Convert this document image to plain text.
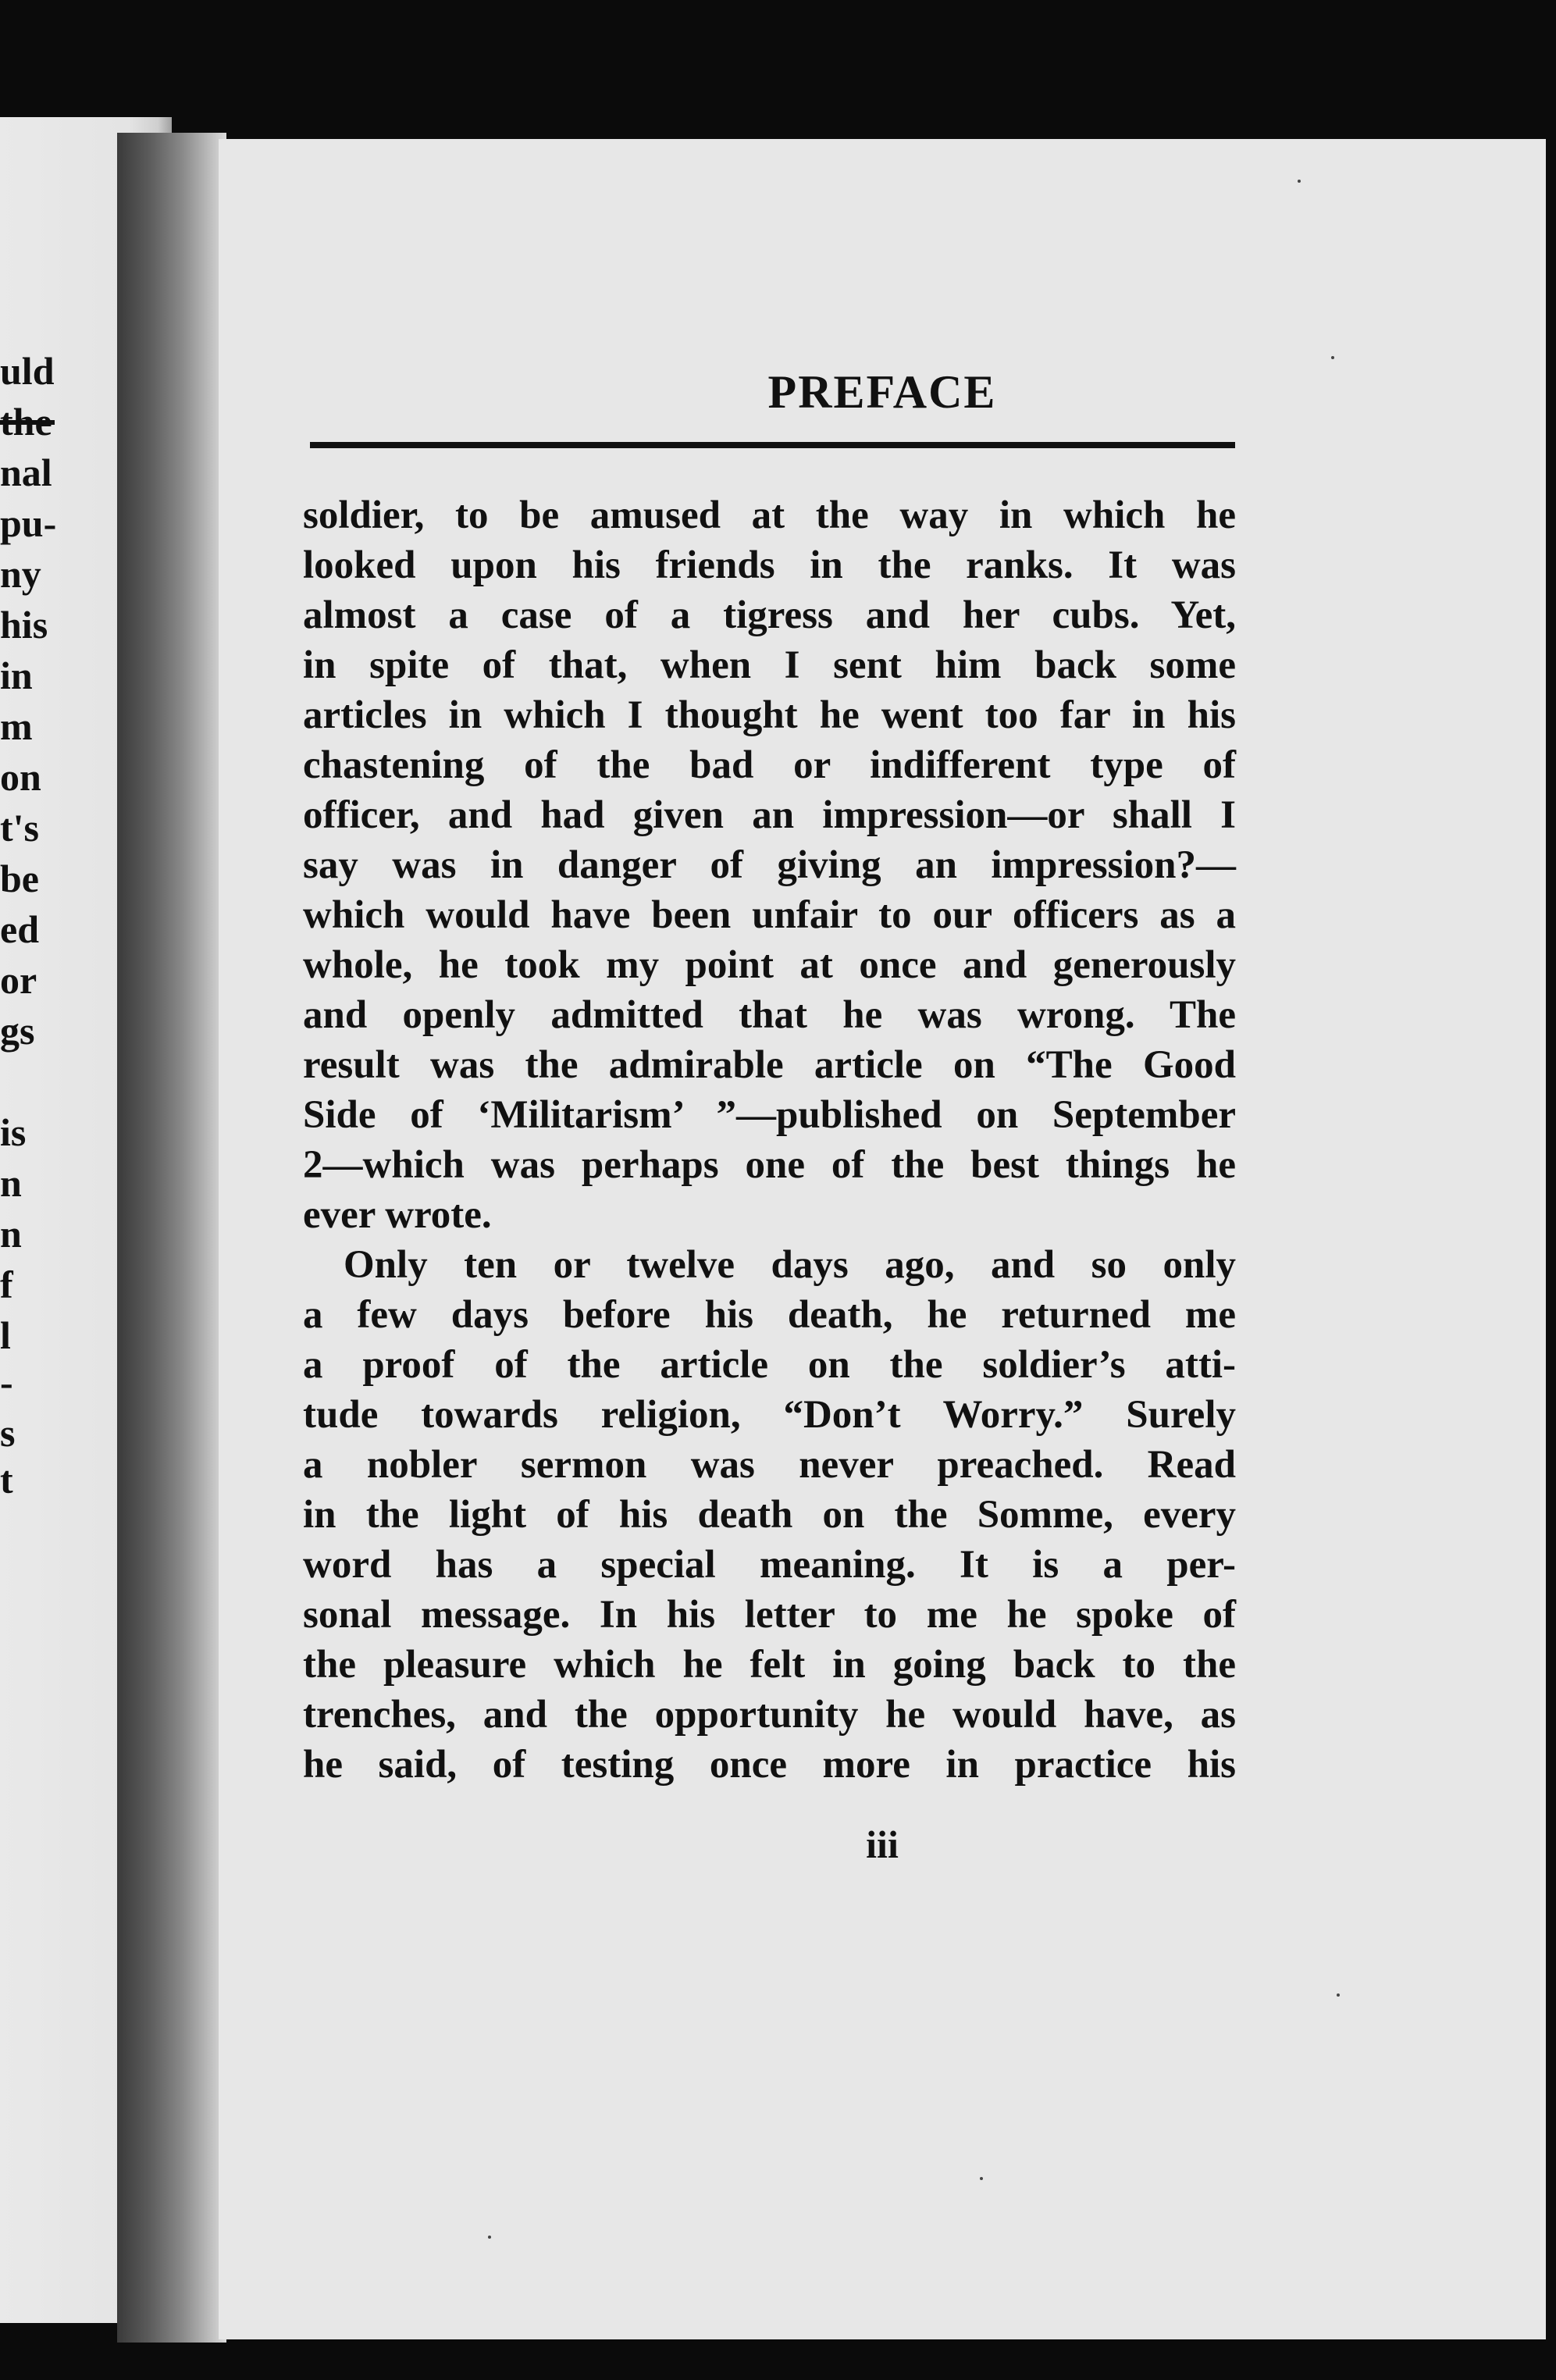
uld
the
nal
pu-
ny
his
in
m
on
t's
be
ed
or
gs
is
n
n
f
l
-
s
t
PREFACE
soldier, to be amused at the way in which he
looked upon his friends in the ranks. It was
almost a case of a tigress and her cubs. Yet,
in spite of that, when I sent him back some
articles in which I thought he went too far in his
chastening of the bad or indifferent type of
officer, and had given an impression—or shall I
say was in danger of giving an impression?—
which would have been unfair to our officers as a
whole, he took my point at once and generously
and openly admitted that he was wrong. The
result was the admirable article on “The Good
Side of ‘Militarism’ ”—published on September
2—which was perhaps one of the best things he
ever wrote.
Only ten or twelve days ago, and so only
a few days before his death, he returned me
a proof of the article on the soldier’s atti-
tude towards religion, “Don’t Worry.” Surely
a nobler sermon was never preached. Read
in the light of his death on the Somme, every
word has a special meaning. It is a per-
sonal message. In his letter to me he spoke of
the pleasure which he felt in going back to the
trenches, and the opportunity he would have, as
he said, of testing once more in practice his
iii
